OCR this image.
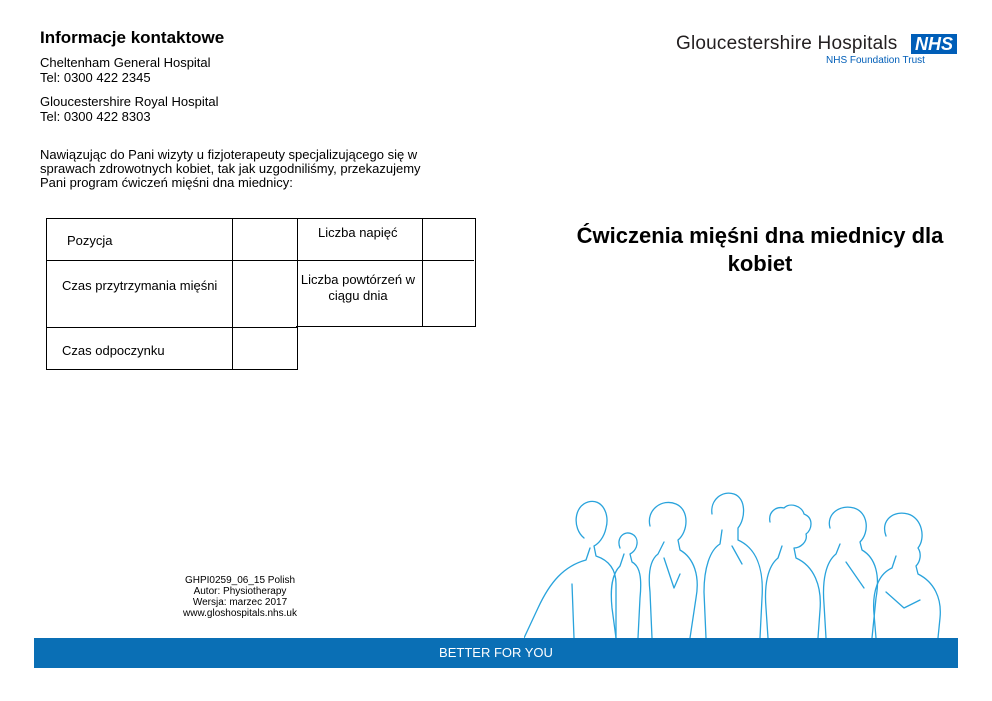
Informacje kontaktowe
Cheltenham General Hospital
Tel: 0300 422 2345
Gloucestershire Royal Hospital
Tel: 0300 422 8303
Nawiązując do Pani wizyty u fizjoterapeuty specjalizującego się w sprawach zdrowotnych kobiet, tak jak uzgodniliśmy, przekazujemy Pani program ćwiczeń mięśni dna miednicy:
Pozycja
Czas przytrzymania mięśni
Czas odpoczynku
Liczba napięć
Liczba powtórzeń w ciągu dnia
Gloucestershire Hospitals NHS
NHS Foundation Trust
Ćwiczenia mięśni dna miednicy dla kobiet
GHPI0259_06_15 Polish
Autor: Physiotherapy
Wersja: marzec 2017
www.gloshospitals.nhs.uk
BETTER FOR YOU
